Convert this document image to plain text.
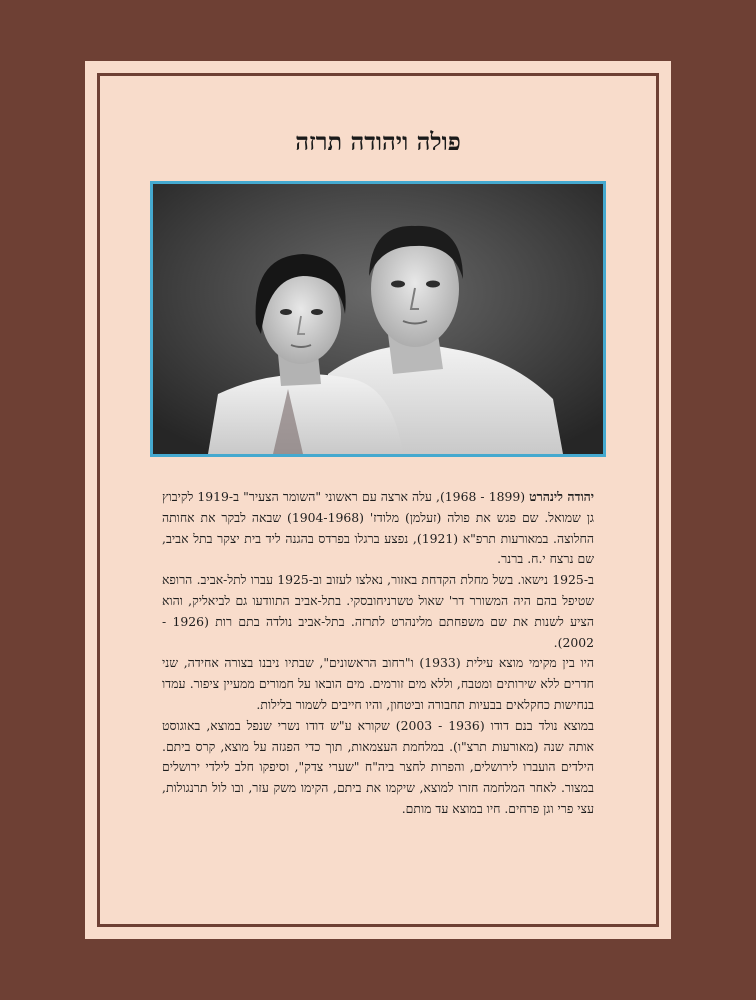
פולה ויהודה תרזה

יהודה לינהרט (1899 - 1968), עלה ארצה עם ראשוני "השומר הצעיר" ב-1919 לקיבוץ גן שמואל. שם פגש את פולה (זעלמן) מלודז' (1904-1968) שבאה לבקר את אחותה החלוצה. במאורעות תרפ"א (1921), נפצע ברגלו בפרדס בהגנה ליד בית יצקר בתל אביב, שם נרצח י.ח. ברנר.

ב-1925 נישאו. בשל מחלת הקדחת באזור, נאלצו לעזוב וב-1925 עברו לתל-אביב. הרופא שטיפל בהם היה המשורר דר' שאול טשרניחובסקי. בתל-אביב התוודעו גם לביאליק, והוא הציע לשנות את שם משפחתם מלינהרט לתרזה. בתל-אביב נולדה בתם רות (1926 - 2002).

היו בין מקימי מוצא עילית (1933) ו"רחוב הראשונים", שבתיו ניבנו בצורה אחידה, שני חדרים ללא שירותים ומטבח, וללא מים זורמים. מים הובאו על חמורים ממעיין ציפור. עמדו בנחישות כחקלאים בבעיות תחבורה וביטחון, והיו חייבים לשמור בלילות.

במוצא נולד בנם דודו (1936 - 2003) שקורא ע"ש דודו נשרי שנפל במוצא, באוגוסט אותה שנה (מאורעות תרצ"ו). במלחמת העצמאות, תוך כדי הפגזה על מוצא, קרס ביתם. הילדים הועברו לירושלים, והפרות לחצר ביה"ח "שערי צדק", וסיפקו חלב לילדי ירושלים במצור. לאחר המלחמה חזרו למוצא, שיקמו את ביתם, הקימו משק עזר, ובו לול תרנגולות, עצי פרי וגן פרחים. חיו במוצא עד מותם.
